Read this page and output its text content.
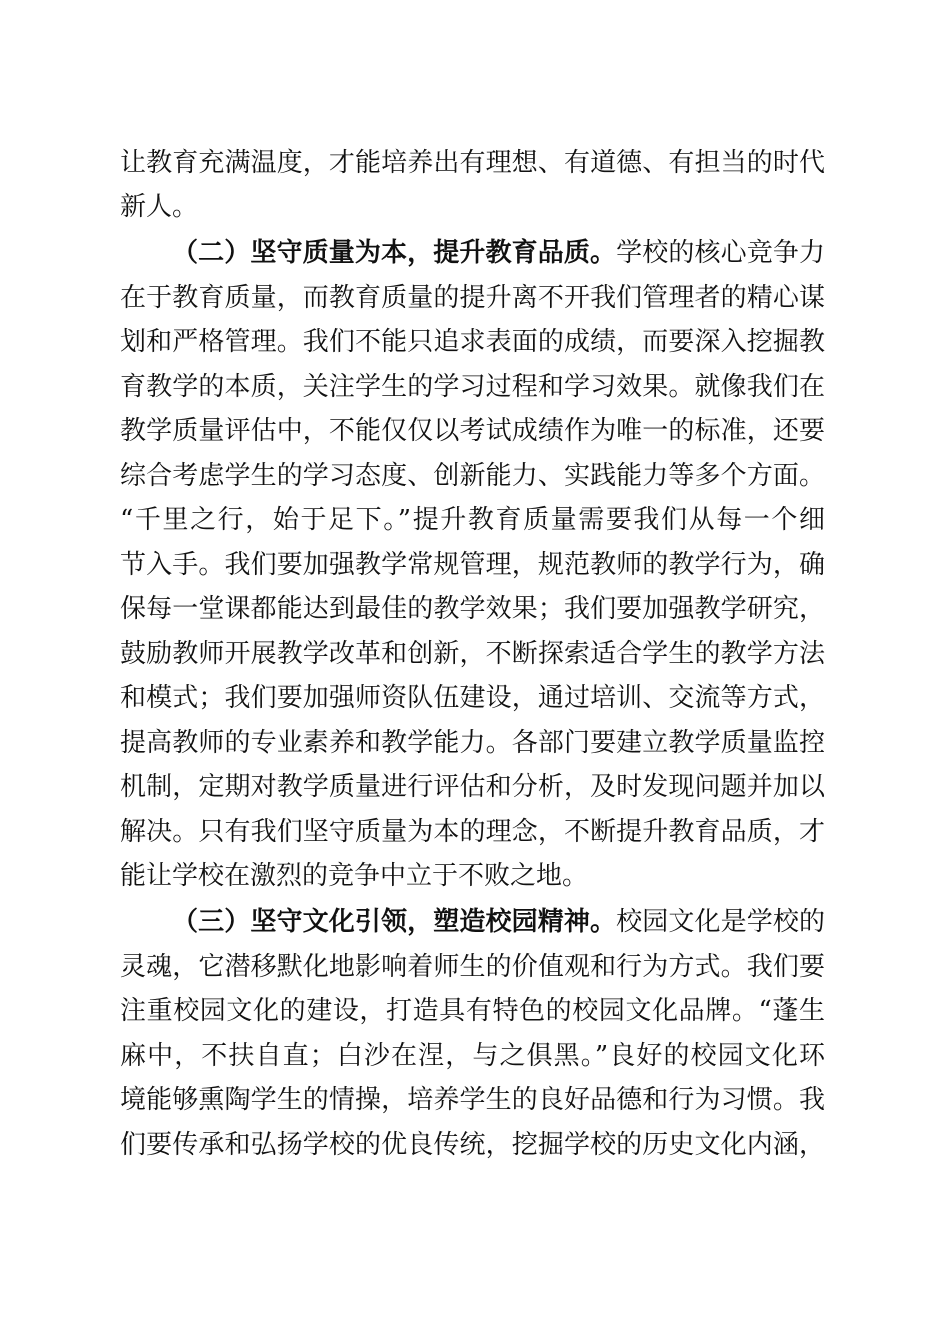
让教育充满温度，才能培养出有理想、有道德、有担当的时代
新人。
（二）坚守质量为本，提升教育品质。学校的核心竞争力
在于教育质量，而教育质量的提升离不开我们管理者的精心谋
划和严格管理。我们不能只追求表面的成绩，而要深入挖掘教
育教学的本质，关注学生的学习过程和学习效果。就像我们在
教学质量评估中，不能仅仅以考试成绩作为唯一的标准，还要
综合考虑学生的学习态度、创新能力、实践能力等多个方面。
“千里之行，始于足下。”提升教育质量需要我们从每一个细
节入手。我们要加强教学常规管理，规范教师的教学行为，确
保每一堂课都能达到最佳的教学效果；我们要加强教学研究，
鼓励教师开展教学改革和创新，不断探索适合学生的教学方法
和模式；我们要加强师资队伍建设，通过培训、交流等方式，
提高教师的专业素养和教学能力。各部门要建立教学质量监控
机制，定期对教学质量进行评估和分析，及时发现问题并加以
解决。只有我们坚守质量为本的理念，不断提升教育品质，才
能让学校在激烈的竞争中立于不败之地。
（三）坚守文化引领，塑造校园精神。校园文化是学校的
灵魂，它潜移默化地影响着师生的价值观和行为方式。我们要
注重校园文化的建设，打造具有特色的校园文化品牌。“蓬生
麻中，不扶自直；白沙在涅，与之俱黑。”良好的校园文化环
境能够熏陶学生的情操，培养学生的良好品德和行为习惯。我
们要传承和弘扬学校的优良传统，挖掘学校的历史文化内涵，
